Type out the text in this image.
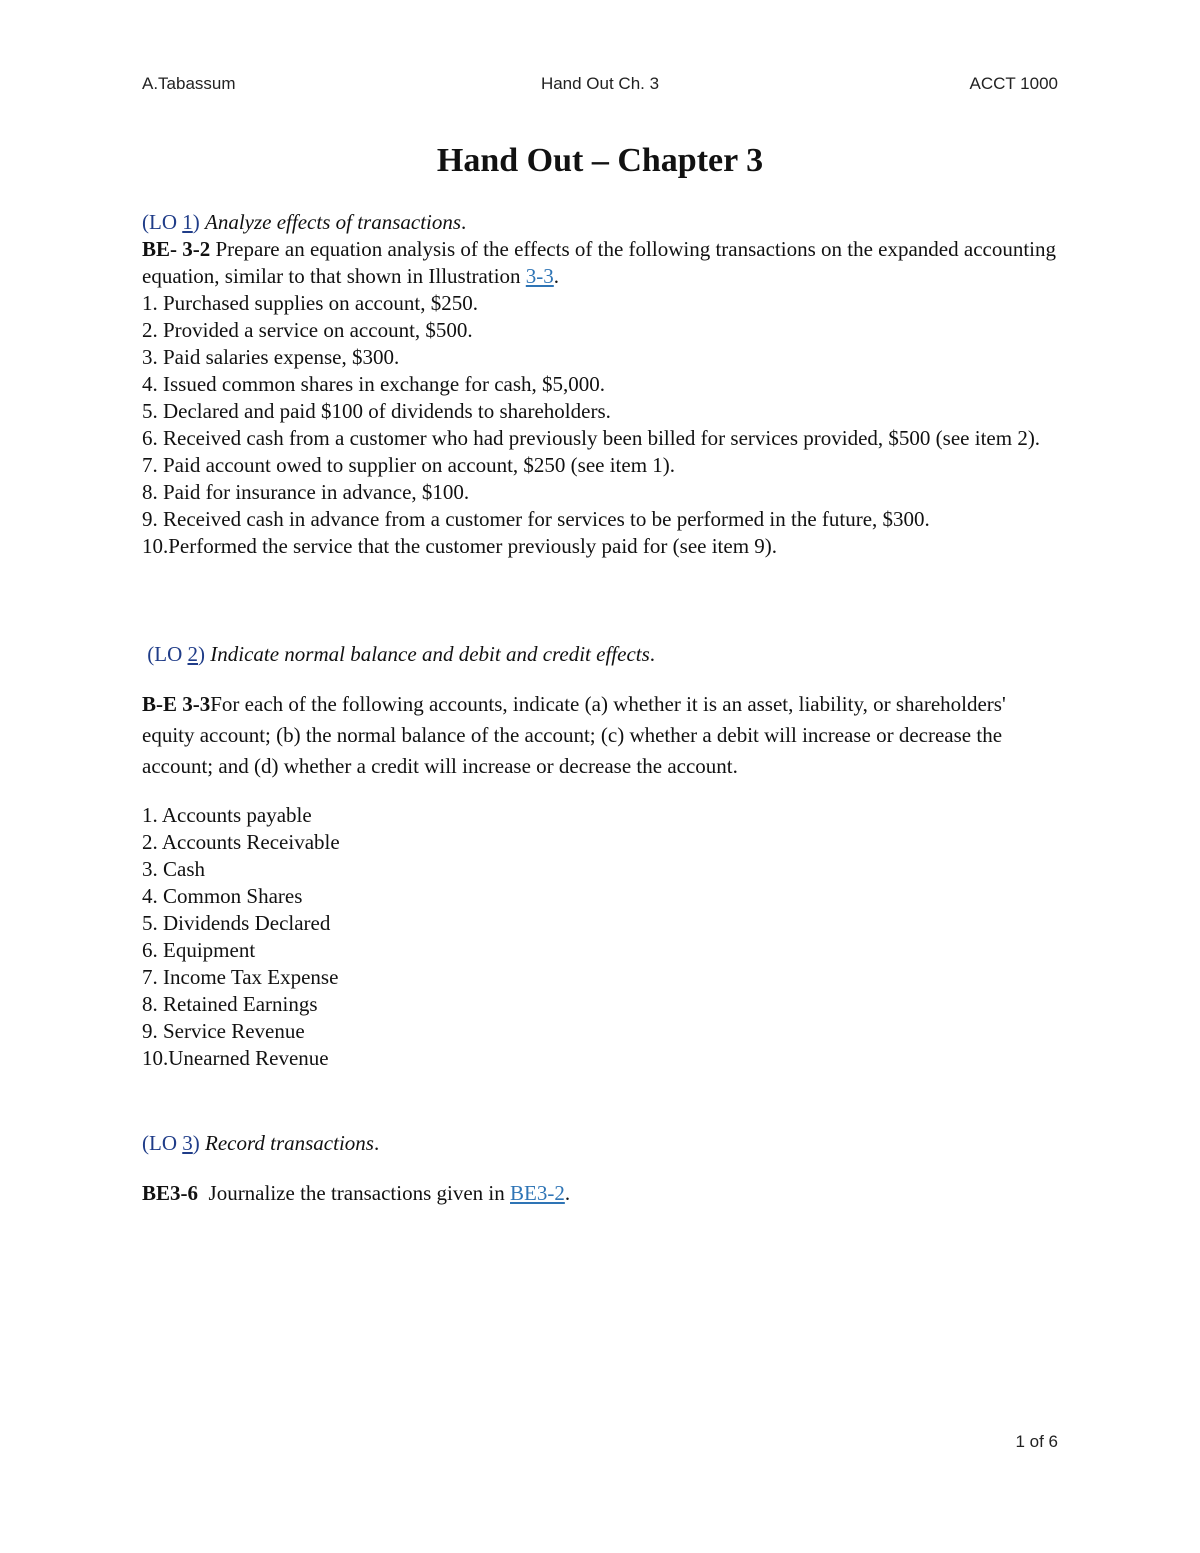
A.Tabassum	Hand Out Ch. 3	ACCT 1000
Hand Out – Chapter 3

(LO 1) Analyze effects of transactions.

BE- 3-2 Prepare an equation analysis of the effects of the following transactions on the expanded accounting equation, similar to that shown in Illustration 3-3.

1. Purchased supplies on account, $250.
2. Provided a service on account, $500.
3. Paid salaries expense, $300.
4. Issued common shares in exchange for cash, $5,000.
5. Declared and paid $100 of dividends to shareholders.
6. Received cash from a customer who had previously been billed for services provided, $500 (see item 2).
7. Paid account owed to supplier on account, $250 (see item 1).
8. Paid for insurance in advance, $100.
9. Received cash in advance from a customer for services to be performed in the future, $300.
10.Performed the service that the customer previously paid for (see item 9).

(LO 2) Indicate normal balance and debit and credit effects.

B-E 3-3For each of the following accounts, indicate (a) whether it is an asset, liability, or shareholders' equity account; (b) the normal balance of the account; (c) whether a debit will increase or decrease the account; and (d) whether a credit will increase or decrease the account.

1. Accounts payable
2. Accounts Receivable
3. Cash
4. Common Shares
5. Dividends Declared
6. Equipment
7. Income Tax Expense
8. Retained Earnings
9. Service Revenue
10.Unearned Revenue

(LO 3) Record transactions.

BE3-6 Journalize the transactions given in BE3-2.

1 of 6
